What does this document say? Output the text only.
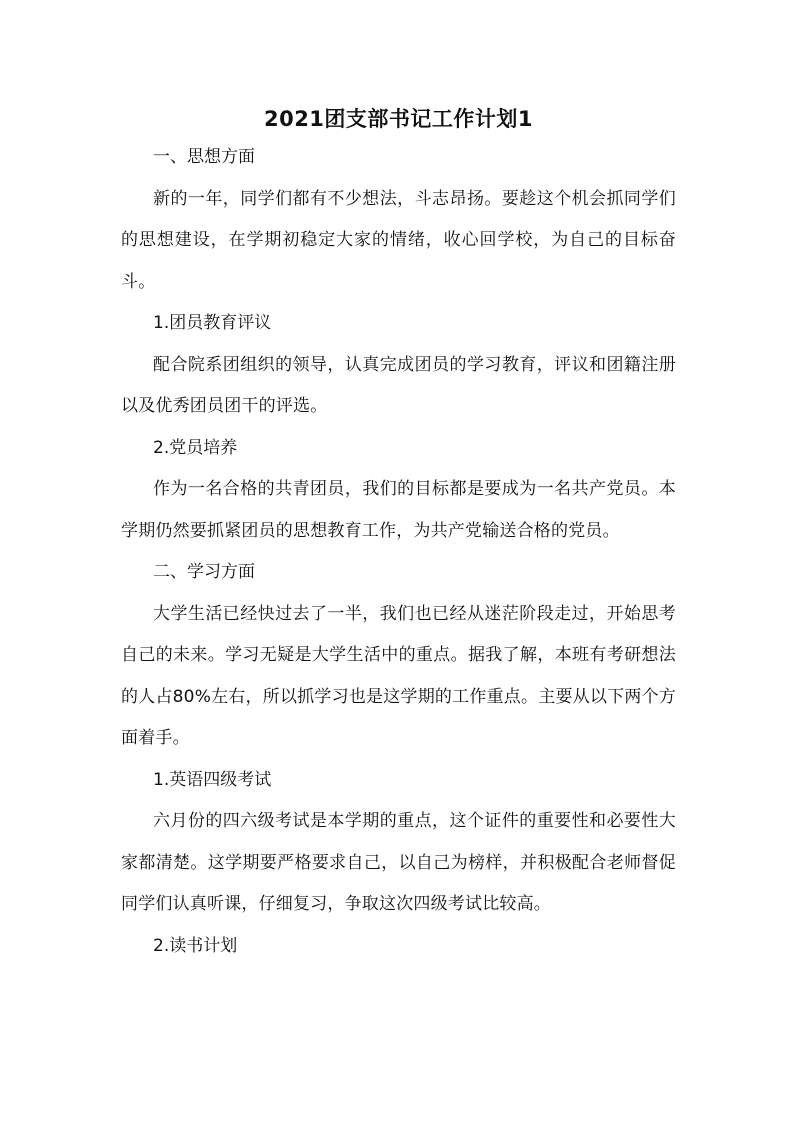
2021团支部书记工作计划1

一、思想方面

新的一年，同学们都有不少想法，斗志昂扬。要趁这个机会抓同学们的思想建设，在学期初稳定大家的情绪，收心回学校，为自己的目标奋斗。

1.团员教育评议

配合院系团组织的领导，认真完成团员的学习教育，评议和团籍注册以及优秀团员团干的评选。

2.党员培养

作为一名合格的共青团员，我们的目标都是要成为一名共产党员。本学期仍然要抓紧团员的思想教育工作，为共产党输送合格的党员。

二、学习方面

大学生活已经快过去了一半，我们也已经从迷茫阶段走过，开始思考自己的未来。学习无疑是大学生活中的重点。据我了解，本班有考研想法的人占80%左右，所以抓学习也是这学期的工作重点。主要从以下两个方面着手。

1.英语四级考试

六月份的四六级考试是本学期的重点，这个证件的重要性和必要性大家都清楚。这学期要严格要求自己，以自己为榜样，并积极配合老师督促同学们认真听课，仔细复习，争取这次四级考试比较高。

2.读书计划
